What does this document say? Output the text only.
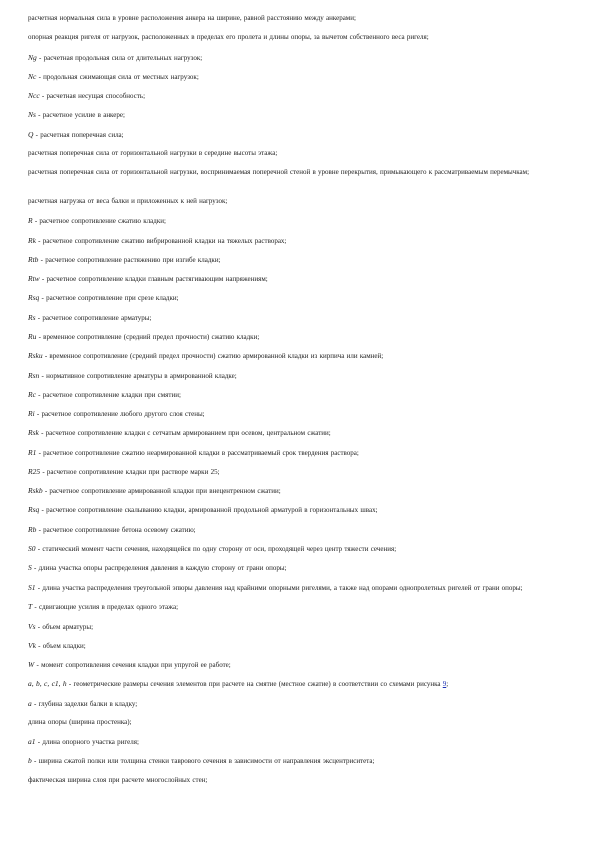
расчетная нормальная сила в уровне расположения анкера на ширине, равной расстоянию между анкерами;
опорная реакция ригеля от нагрузок, расположенных в пределах его пролета и длины опоры, за вычетом собственного веса ригеля;
Ng - расчетная продольная сила от длительных нагрузок;
Nc - продольная сжимающая сила от местных нагрузок;
Ncc - расчетная несущая способность;
Ns - расчетное усилие в анкере;
Q - расчетная поперечная сила;
расчетная поперечная сила от горизонтальной нагрузки в середине высоты этажа;
расчетная поперечная сила от горизонтальной нагрузки, воспринимаемая поперечной стеной в уровне перекрытия, примыкающего к рассматриваемым перемычкам;
расчетная нагрузка от веса балки и приложенных к ней нагрузок;
R - расчетное сопротивление сжатию кладки;
Rk - расчетное сопротивление сжатию вибрированной кладки на тяжелых растворах;
Rtb - расчетное сопротивление растяжению при изгибе кладки;
Rtw - расчетное сопротивление кладки главным растягивающим напряжениям;
Rsq - расчетное сопротивление при срезе кладки;
Rs - расчетное сопротивление арматуры;
Ru - временное сопротивление (средний предел прочности) сжатию кладки;
Rsku - временное сопротивление (средний предел прочности) сжатию армированной кладки из кирпича или камней;
Rsn - нормативное сопротивление арматуры в армированной кладке;
Rc - расчетное сопротивление кладки при смятии;
Ri - расчетное сопротивление любого другого слоя стены;
Rsk - расчетное сопротивление кладки с сетчатым армированием при осевом, центральном сжатии;
R1 - расчетное сопротивление сжатию неармированной кладки в рассматриваемый срок твердения раствора;
R25 - расчетное сопротивление кладки при растворе марки 25;
Rskb - расчетное сопротивление армированной кладки при внецентренном сжатии;
Rsq - расчетное сопротивление скалыванию кладки, армированной продольной арматурой в горизонтальных швах;
Rb - расчетное сопротивление бетона осевому сжатию;
S0 - статический момент части сечения, находящейся по одну сторону от оси, проходящей через центр тяжести сечения;
S - длина участка опоры распределения давления в каждую сторону от грани опоры;
S1 - длина участка распределения треугольной эпюры давления над крайними опорными ригелями, а также над опорами однопролетных ригелей от грани опоры;
T - сдвигающие усилия в пределах одного этажа;
Vs - объем арматуры;
Vk - объем кладки;
W - момент сопротивления сечения кладки при упругой ее работе;
a, b, c, c1, h - геометрические размеры сечения элементов при расчете на смятие (местное сжатие) в соответствии со схемами рисунка 9;
a - глубина заделки балки в кладку;
длина опоры (ширина простенка);
a1 - длина опорного участка ригеля;
b - ширина сжатой полки или толщина стенки таврового сечения в зависимости от направления эксцентриситета;
фактическая ширина слоя при расчете многослойных стен;
